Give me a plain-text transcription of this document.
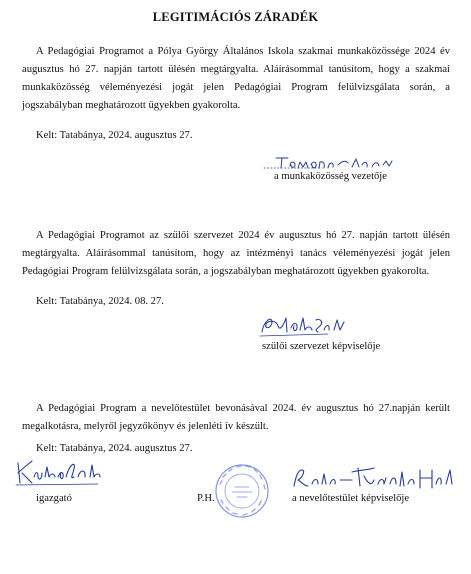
LEGITIMÁCIÓS ZÁRADÉK
A Pedagógiai Programot a Pólya György Általános Iskola szakmai munkaközössége 2024 év augusztus hó 27. napján tartott ülésén megtárgyalta. Aláírásommal tanúsítom, hogy a szakmai munkaközösség véleményezési jogát jelen Pedagógiai Program felülvizsgálata során, a jogszabályban meghatározott ügyekben gyakorolta.
Kelt: Tatabánya, 2024. augusztus 27.
a munkaközösség vezetője
A Pedagógiai Programot az szülői szervezet 2024 év augusztus hó 27. napján tartott ülésén megtárgyalta. Aláírásommal tanúsítom, hogy az intézményi tanács véleményezési jogát jelen Pedagógiai Program felülvizsgálata során, a jogszabályban meghatározott ügyekben gyakorolta.
Kelt: Tatabánya, 2024. 08. 27.
szülői szervezet képviselője
A Pedagógiai Program a nevelőtestület bevonásával 2024. év augusztus hó 27.napján került megalkotásra, melyről jegyzőkönyv és jelenléti ív készült.
Kelt: Tatabánya, 2024. augusztus 27.
igazgató	P.H.	a nevelőtestület képviselője
